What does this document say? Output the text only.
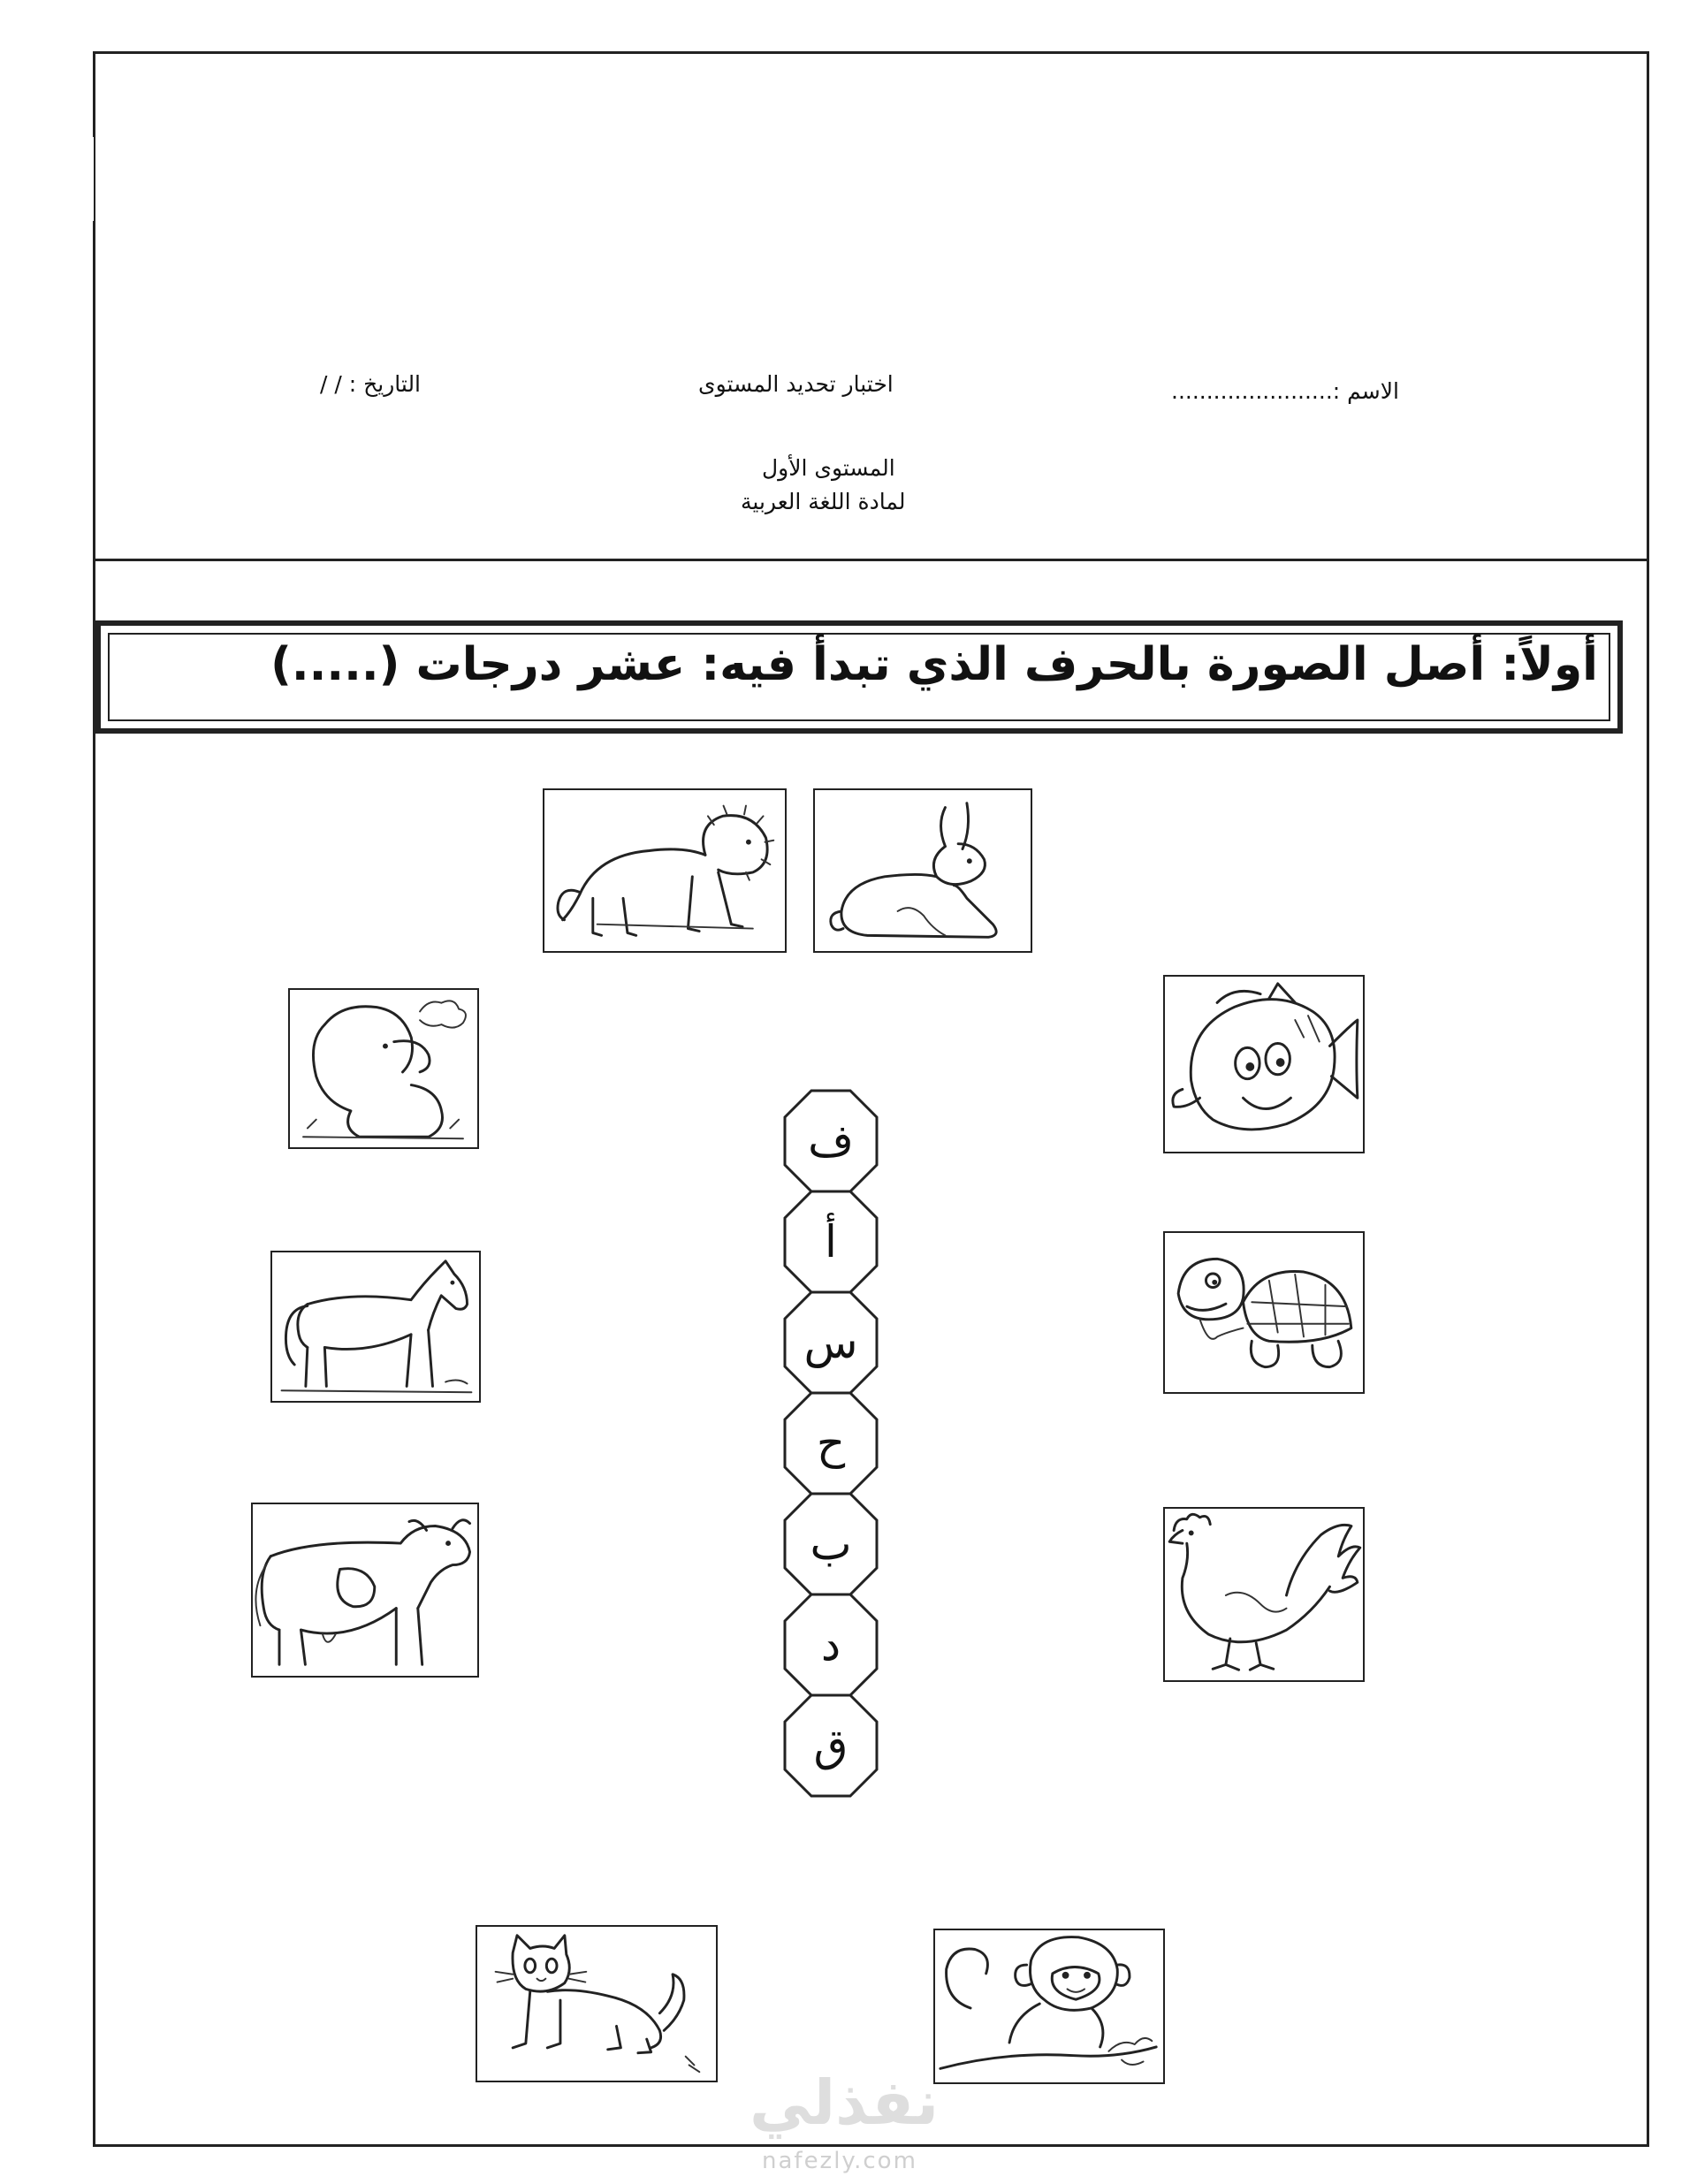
الاسم :.......................
اختبار تحديد المستوى
التاريخ : / /
المستوى الأول
لمادة اللغة العربية
أولاً: أصل الصورة بالحرف الذي تبدأ فيه: عشر درجات (.....)
ف
أ
س
ح
ب
د
ق
نفذلي
nafezly.com
